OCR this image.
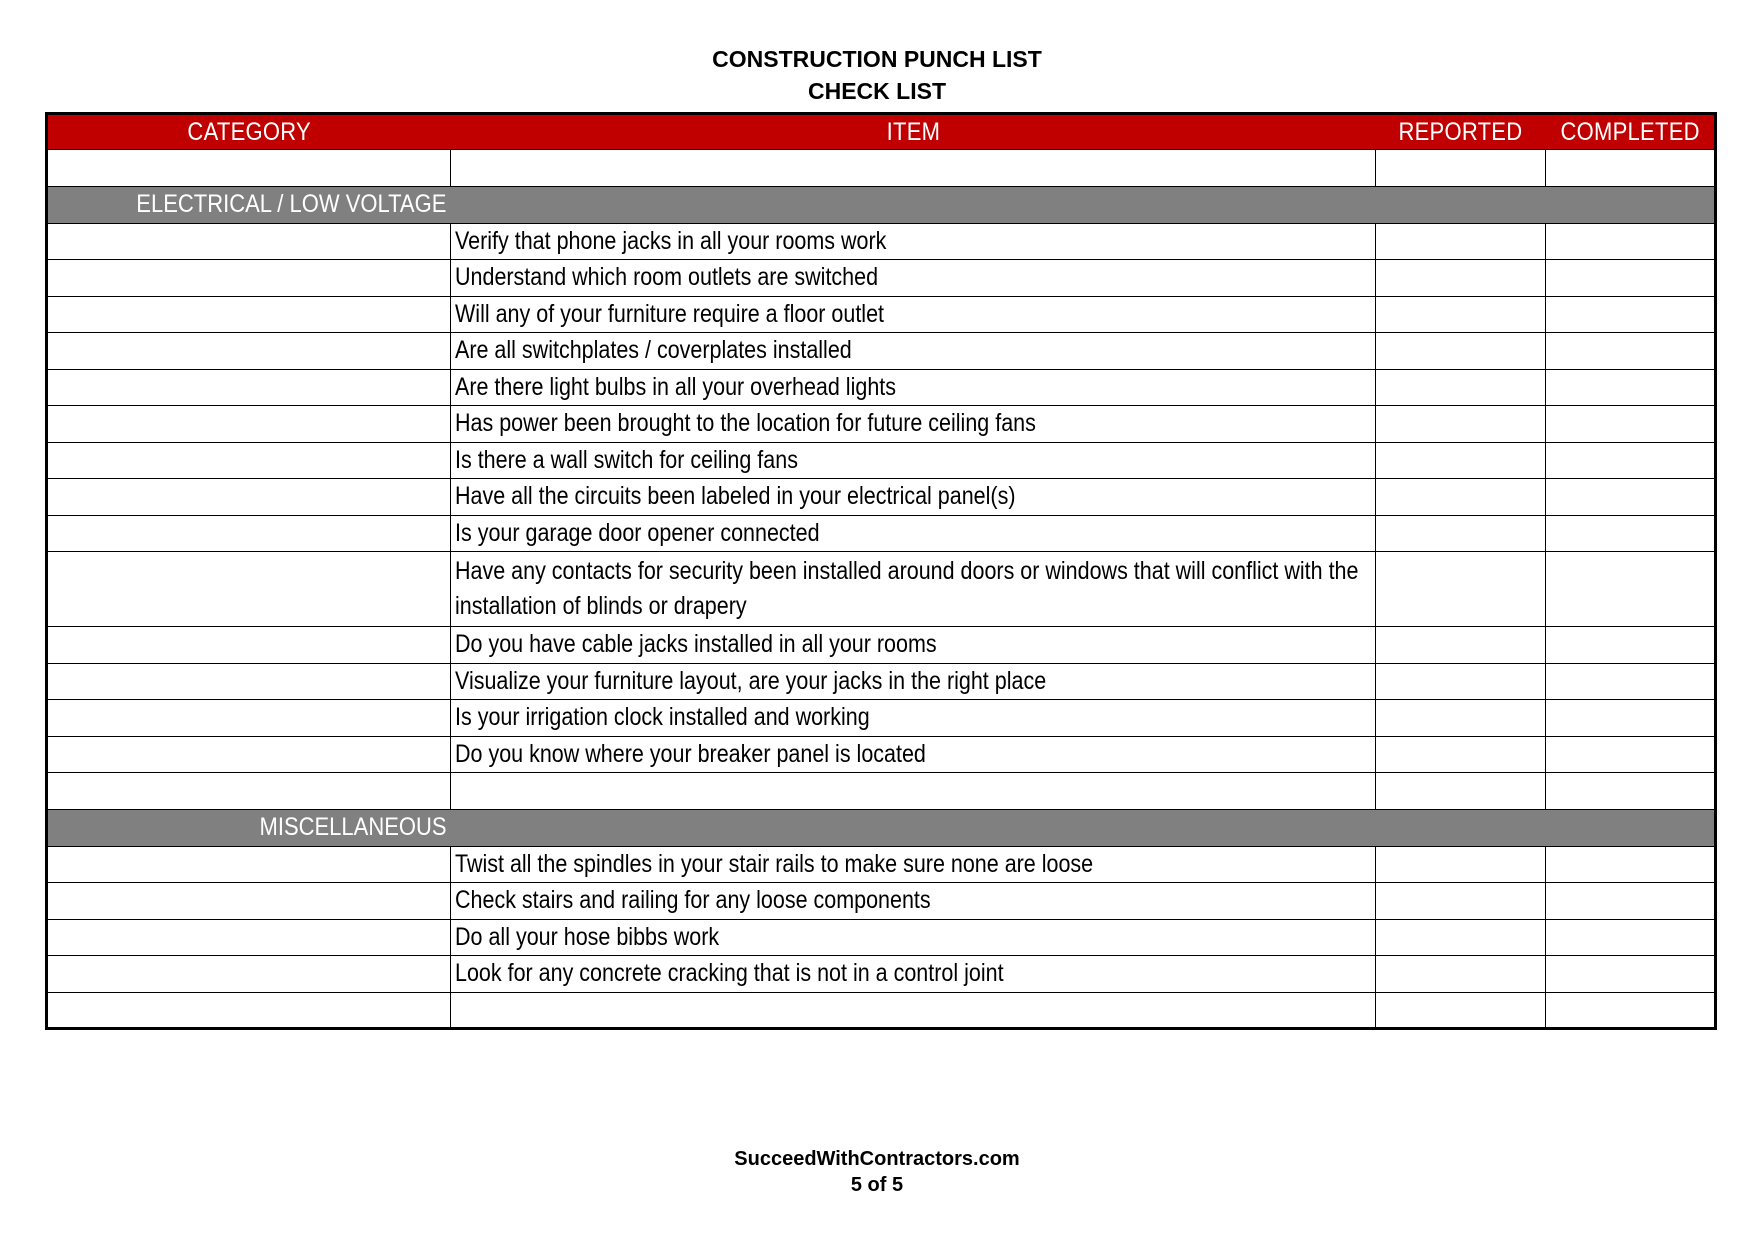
CONSTRUCTION PUNCH LIST
CHECK LIST
CATEGORY	ITEM	REPORTED	COMPLETED

ELECTRICAL / LOW VOLTAGE			
	Verify that phone jacks in all your rooms work		
	Understand which room outlets are switched		
	Will any of your furniture require a floor outlet		
	Are all switchplates / coverplates installed		
	Are there light bulbs in all your overhead lights		
	Has power been brought to the location for future ceiling fans		
	Is there a wall switch for ceiling fans		
	Have all the circuits been labeled in your electrical panel(s)		
	Is your garage door opener connected		
	Have any contacts for security been installed around doors or windows that will conflict with the installation of blinds or drapery		
	Do you have cable jacks installed in all your rooms		
	Visualize your furniture layout, are your jacks in the right place		
	Is your irrigation clock installed and working		
	Do you know where your breaker panel is located		

MISCELLANEOUS			
	Twist all the spindles in your stair rails to make sure none are loose		
	Check stairs and railing for any loose components		
	Do all your hose bibbs work		
	Look for any concrete cracking that is not in a control joint		

SucceedWithContractors.com
5 of 5
